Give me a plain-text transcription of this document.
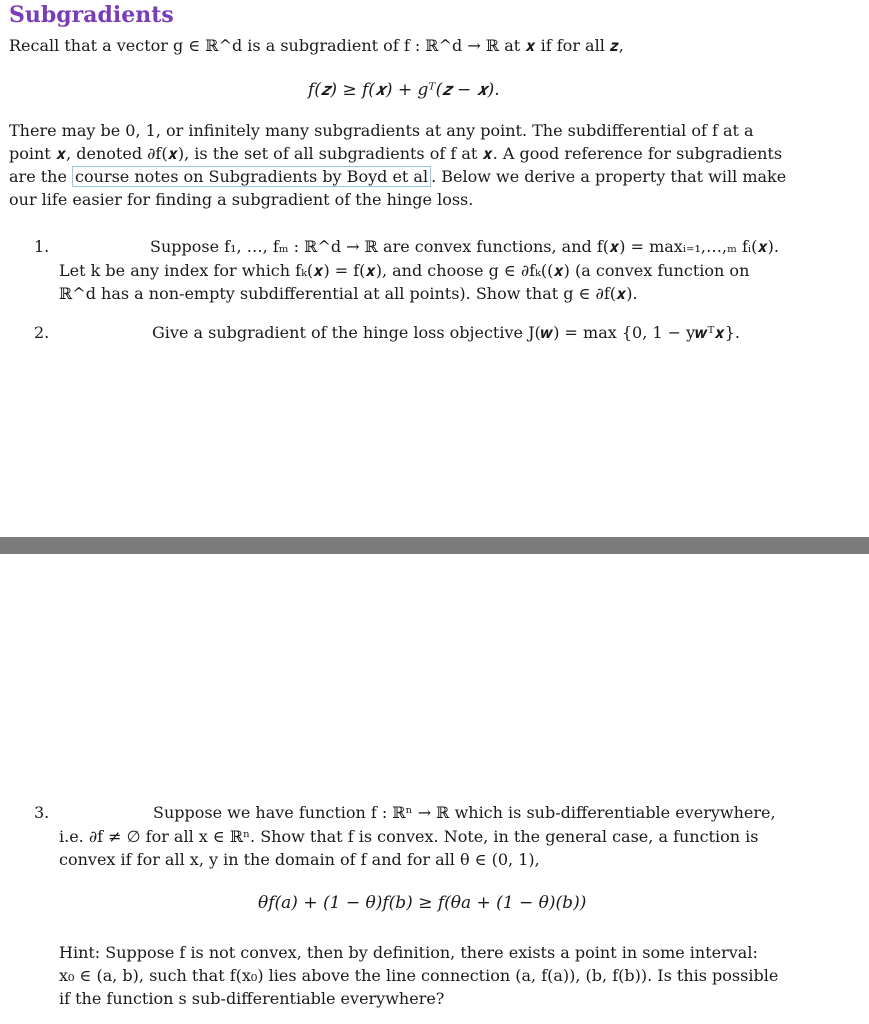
Subgradients
Recall that a vector g ∈ ℝ^d is a subgradient of f : ℝ^d → ℝ at 𝒙 if for all 𝒛,
f(𝒛) ≥ f(𝒙) + gᵀ(𝒛 − 𝒙).
There may be 0, 1, or infinitely many subgradients at any point. The subdifferential of f at a
point 𝒙, denoted ∂f(𝒙), is the set of all subgradients of f at 𝒙. A good reference for subgradients
are the course notes on Subgradients by Boyd et al . Below we derive a property that will make
our life easier for finding a subgradient of the hinge loss.
1.	Suppose f₁, …, fₘ : ℝ^d → ℝ are convex functions, and f(𝒙) = maxᵢ₌₁,…,ₘ fᵢ(𝒙).
Let k be any index for which fₖ(𝒙) = f(𝒙), and choose g ∈ ∂fₖ((𝒙) (a convex function on
ℝ^d has a non-empty subdifferential at all points). Show that g ∈ ∂f(𝒙).
2.	Give a subgradient of the hinge loss objective J(𝒘) = max {0, 1 − y𝒘ᵀ𝒙}.
3.	Suppose we have function f : ℝⁿ → ℝ which is sub-differentiable everywhere,
i.e. ∂f ≠ ∅ for all x ∈ ℝⁿ. Show that f is convex. Note, in the general case, a function is
convex if for all x, y in the domain of f and for all θ ∈ (0, 1),
θf(a) + (1 − θ)f(b) ≥ f(θa + (1 − θ)(b))
Hint: Suppose f is not convex, then by definition, there exists a point in some interval:
x₀ ∈ (a, b), such that f(x₀) lies above the line connection (a, f(a)), (b, f(b)). Is this possible
if the function s sub-differentiable everywhere?
